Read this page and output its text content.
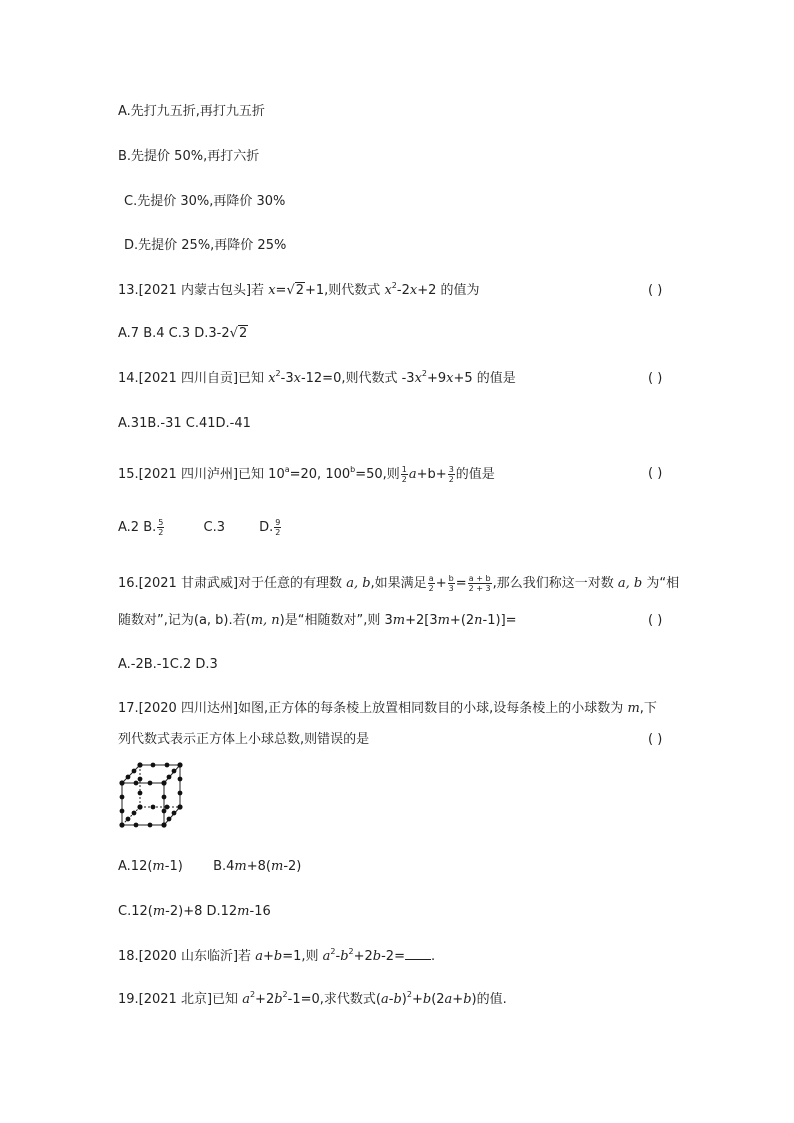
A.先打九五折,再打九五折
B.先提价 50%,再打六折
C.先提价 30%,再降价 30%
D.先提价 25%,再降价 25%
13.[2021 内蒙古包头]若 x=√2+1,则代数式 $x^2-2x+2$ 的值为	( )
A.7 B.4 C.3 D.3-2√2
14.[2021 四川自贡]已知 $x^2-3x-12=0$,则代数式 $-3x^2+9x+5$ 的值是	( )
A.31B.-31 C.41D.-41
15.[2021 四川泸州]已知 $10^a=20$, $100^b=50$,则 $\frac{1}{2} a+b+ \frac{3}{2}$ 的值是	( )
A.2 B. $\frac{5}{2}$	C.3	D. $\frac{9}{2}$
16.[2021 甘肃武威]对于任意的有理数 a, b,如果满足 $\frac{a}{2} + \frac{b}{3} = \frac{a + b}{2 + 3}$ ,那么我们称这一对数 a, b 为“相
随数对”,记为(a, b).若(m, n)是“相随数对”,则 3m+2[3m+(2n-1)]=	( )
A.-2B.-1C.2 D.3
17.[2020 四川达州]如图,正方体的每条棱上放置相同数目的小球,设每条棱上的小球数为 m,下
列代数式表示正方体上小球总数,则错误的是	( )
A.12(m-1) B.4m+8(m-2)
C.12(m-2)+8 D.12m-16
18.[2020 山东临沂]若 a+b=1,则 $a^2-b^2+2b-2=$ .
19.[2021 北京]已知 $a^2+2b^2-1=0$,求代数式$(a-b)^2+b(2a+b)$的值.
